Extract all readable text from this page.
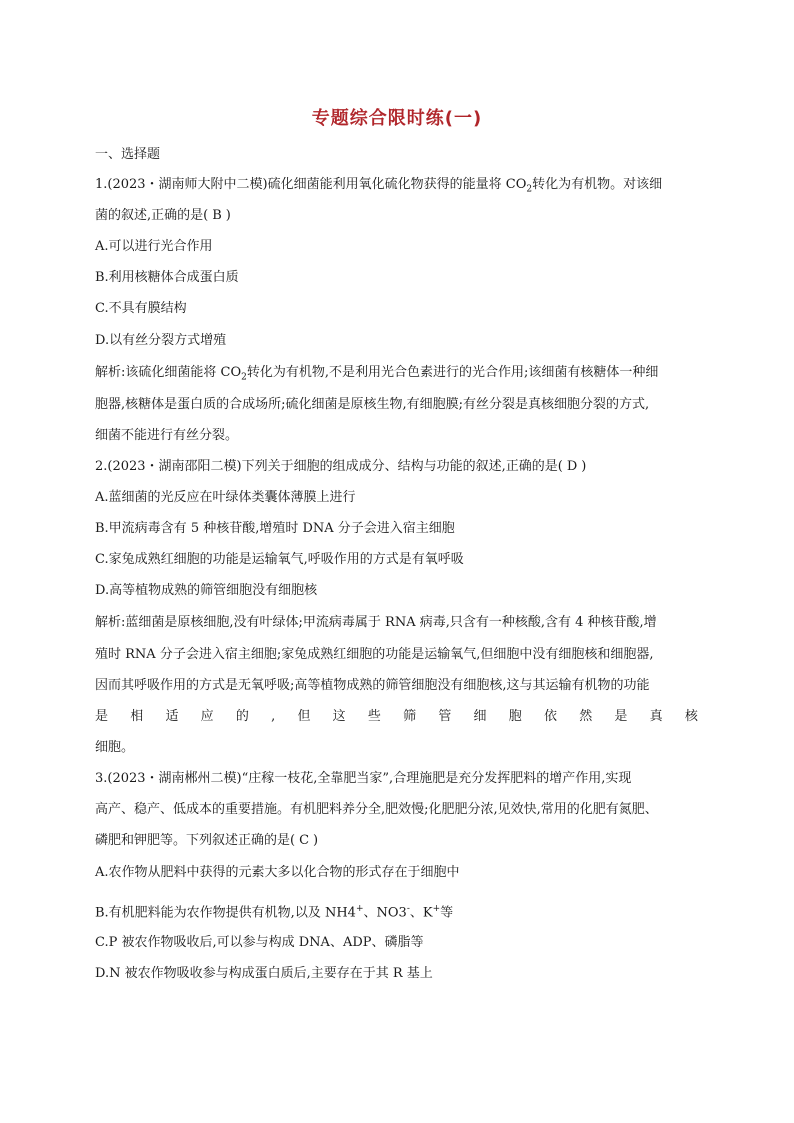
专题综合限时练(一)
一、选择题
1.(2023・湖南师大附中二模)硫化细菌能利用氧化硫化物获得的能量将 $CO_2$转化为有机物。对该细
菌的叙述,正确的是( B )
A.可以进行光合作用
B.利用核糖体合成蛋白质
C.不具有膜结构
D.以有丝分裂方式增殖
解析:该硫化细菌能将 $CO_2$转化为有机物,不是利用光合色素进行的光合作用;该细菌有核糖体一种细
胞器,核糖体是蛋白质的合成场所;硫化细菌是原核生物,有细胞膜;有丝分裂是真核细胞分裂的方式,
细菌不能进行有丝分裂。
2.(2023・湖南邵阳二模)下列关于细胞的组成成分、结构与功能的叙述,正确的是( D )
A.蓝细菌的光反应在叶绿体类囊体薄膜上进行
B.甲流病毒含有 5 种核苷酸,增殖时 DNA 分子会进入宿主细胞
C.家兔成熟红细胞的功能是运输氧气,呼吸作用的方式是有氧呼吸
D.高等植物成熟的筛管细胞没有细胞核
解析:蓝细菌是原核细胞,没有叶绿体;甲流病毒属于 RNA 病毒,只含有一种核酸,含有 4 种核苷酸,增
殖时 RNA 分子会进入宿主细胞;家兔成熟红细胞的功能是运输氧气,但细胞中没有细胞核和细胞器,
因而其呼吸作用的方式是无氧呼吸;高等植物成熟的筛管细胞没有细胞核,这与其运输有机物的功能
是 相 适 应 的 , 但 这 些 筛 管 细 胞 依 然 是 真 核
细胞。
3.(2023・湖南郴州二模)“庄稼一枝花,全靠肥当家”,合理施肥是充分发挥肥料的增产作用,实现
高产、稳产、低成本的重要措施。有机肥料养分全,肥效慢;化肥肥分浓,见效快,常用的化肥有氮肥、
磷肥和钾肥等。下列叙述正确的是( C )
A.农作物从肥料中获得的元素大多以化合物的形式存在于细胞中
B.有机肥料能为农作物提供有机物,以及 NH4+、NO3-、K+等
C.P 被农作物吸收后,可以参与构成 DNA、ADP、磷脂等
D.N 被农作物吸收参与构成蛋白质后,主要存在于其 R 基上
